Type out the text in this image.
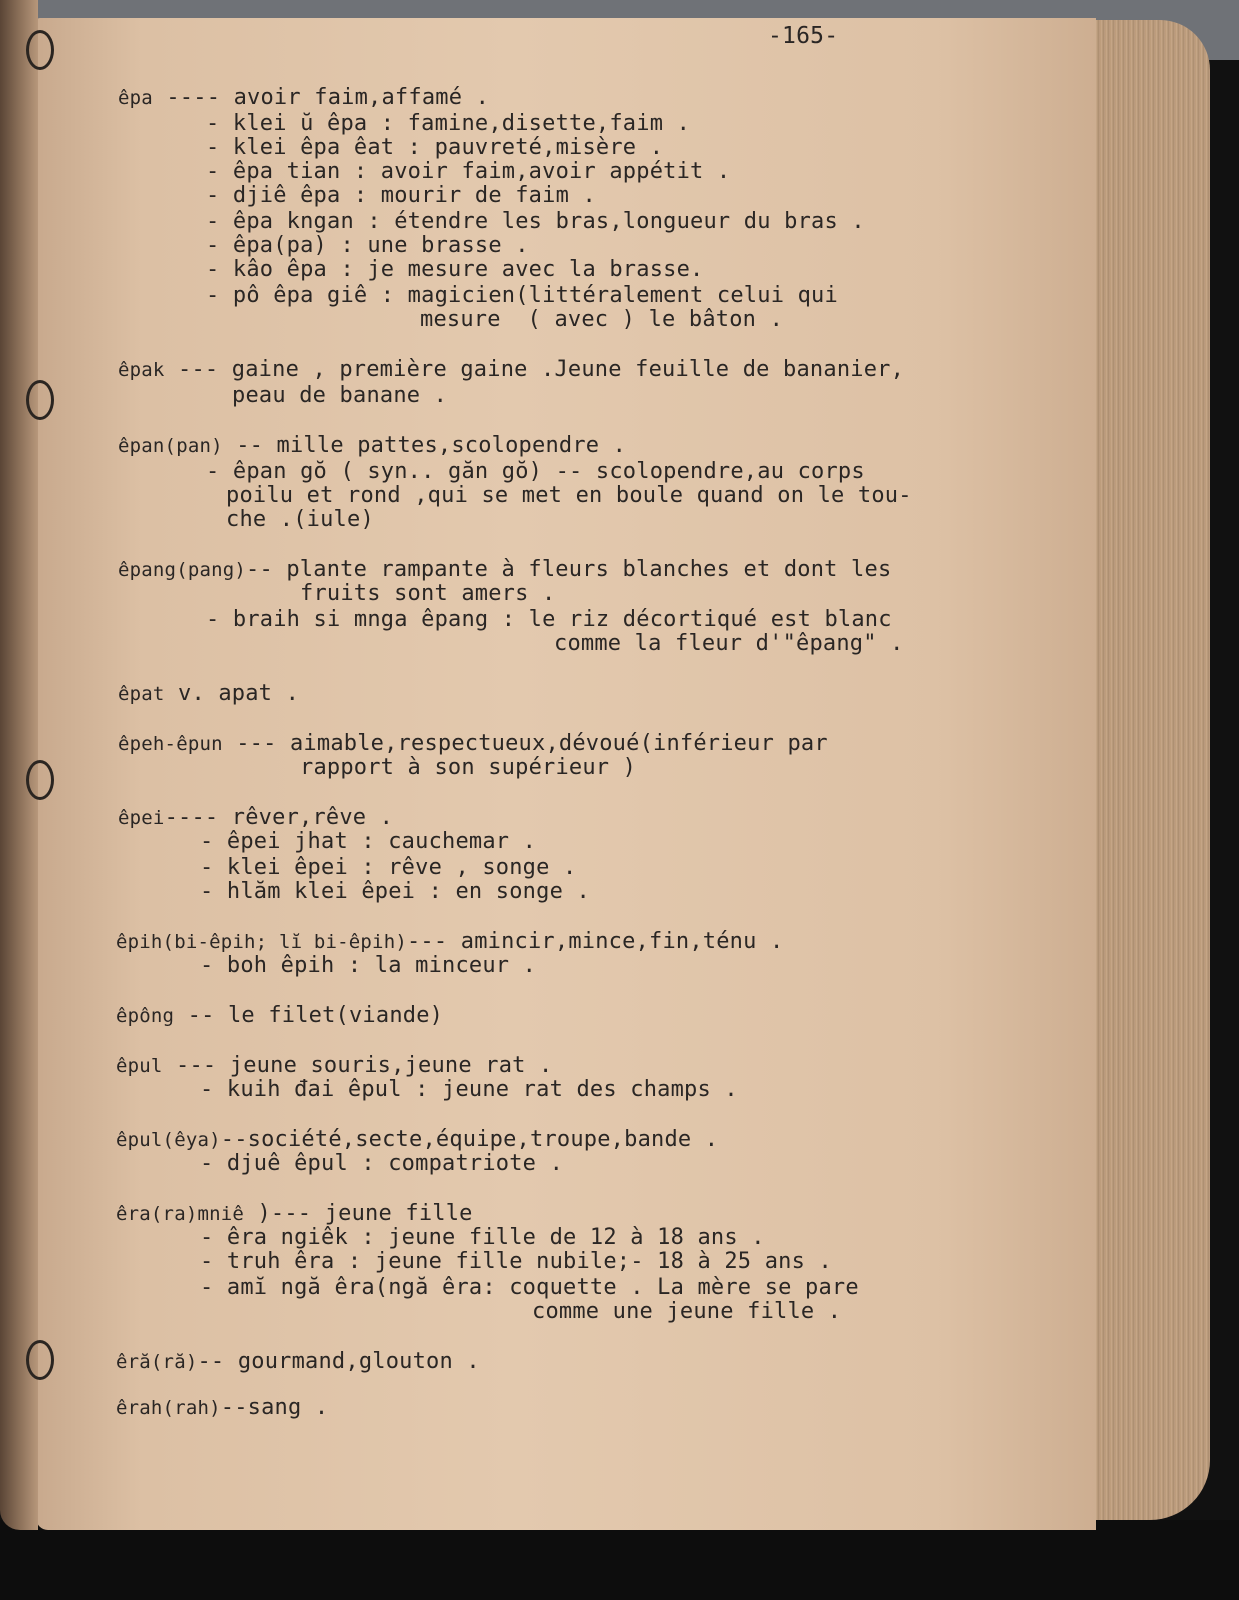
-165-
êpa ---- avoir faim,affamé .
- klei ŭ êpa : famine,disette,faim .
- klei êpa êat : pauvreté,misère .
- êpa tian : avoir faim,avoir appétit .
- djiê êpa : mourir de faim .
- êpa kngan : étendre les bras,longueur du bras .
- êpa(pa) : une brasse .
- kâo êpa : je mesure avec la brasse.
- pô êpa giê : magicien(littéralement celui qui
mesure  ( avec ) le bâton .
êpak --- gaine , première gaine .Jeune feuille de bananier,
peau de banane .
êpan(pan) -- mille pattes,scolopendre .
- êpan gŏ ( syn.. găn gŏ) -- scolopendre,au corps
poilu et rond ,qui se met en boule quand on le tou-
che .(iule)
êpang(pang)-- plante rampante à fleurs blanches et dont les
fruits sont amers .
- braih si mnga êpang : le riz décortiqué est blanc
comme la fleur d'"êpang" .
êpat v. apat .
êpeh-êpun --- aimable,respectueux,dévoué(inférieur par
rapport à son supérieur )
êpei---- rêver,rêve .
- êpei jhat : cauchemar .
- klei êpei : rêve , songe .
- hlăm klei êpei : en songe .
êpih(bi-êpih; lĭ bi-êpih)--- amincir,mince,fin,ténu .
- boh êpih : la minceur .
êpông -- le filet(viande)
êpul --- jeune souris,jeune rat .
- kuih đai êpul : jeune rat des champs .
êpul(êya)--société,secte,équipe,troupe,bande .
- djuê êpul : compatriote .
êra(ra)mniê )--- jeune fille
- êra ngiêk : jeune fille de 12 à 18 ans .
- truh êra : jeune fille nubile;- 18 à 25 ans .
- amĭ ngă êra(ngă êra: coquette . La mère se pare
comme une jeune fille .
êră(ră)-- gourmand,glouton .
êrah(rah)--sang .
